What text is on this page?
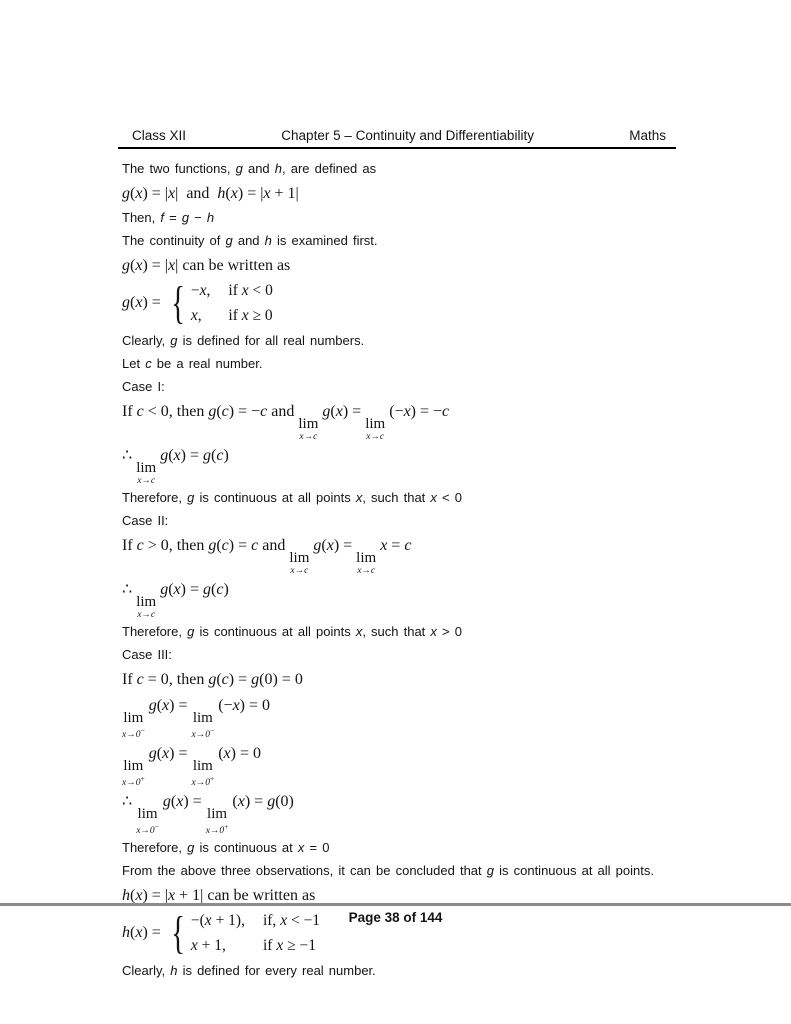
Class XII	Chapter 5 – Continuity and Differentiability	Maths
The two functions, g and h, are defined as
g(x) = |x|  and  h(x) = |x + 1|
Then, f = g − h
The continuity of g and h is examined first.
g(x) = |x| can be written as
g(x) = { −x, if x < 0
x,	if x ≥ 0
Clearly, g is defined for all real numbers.
Let c be a real number.
Case I:
If c < 0, then g(c) = −c and
lim
x→c
g(x) =
lim
x→c
(−x) = −c
∴
lim
x→c
g(x) = g(c)
Therefore, g is continuous at all points x, such that x < 0
Case II:
If c > 0, then g(c) = c and
lim
x→c
g(x) =
lim
x→c
x = c
∴
lim
x→c
g(x) = g(c)
Therefore, g is continuous at all points x, such that x > 0
Case III:
If c = 0, then g(c) = g(0) = 0
lim
x→0−
g(x) =
lim
x→0−
(−x) = 0
lim
x→0+
g(x) =
lim
x→0+
(x) = 0
∴
lim
x→0−
g(x) =
lim
x→0+
(x) = g(0)
Therefore, g is continuous at x = 0
From the above three observations, it can be concluded that g is continuous at all points.
h(x) = |x + 1| can be written as
h(x) = { −(x + 1), if, x < −1
x + 1,	if x ≥ −1
Clearly, h is defined for every real number.
Page 38 of 144
